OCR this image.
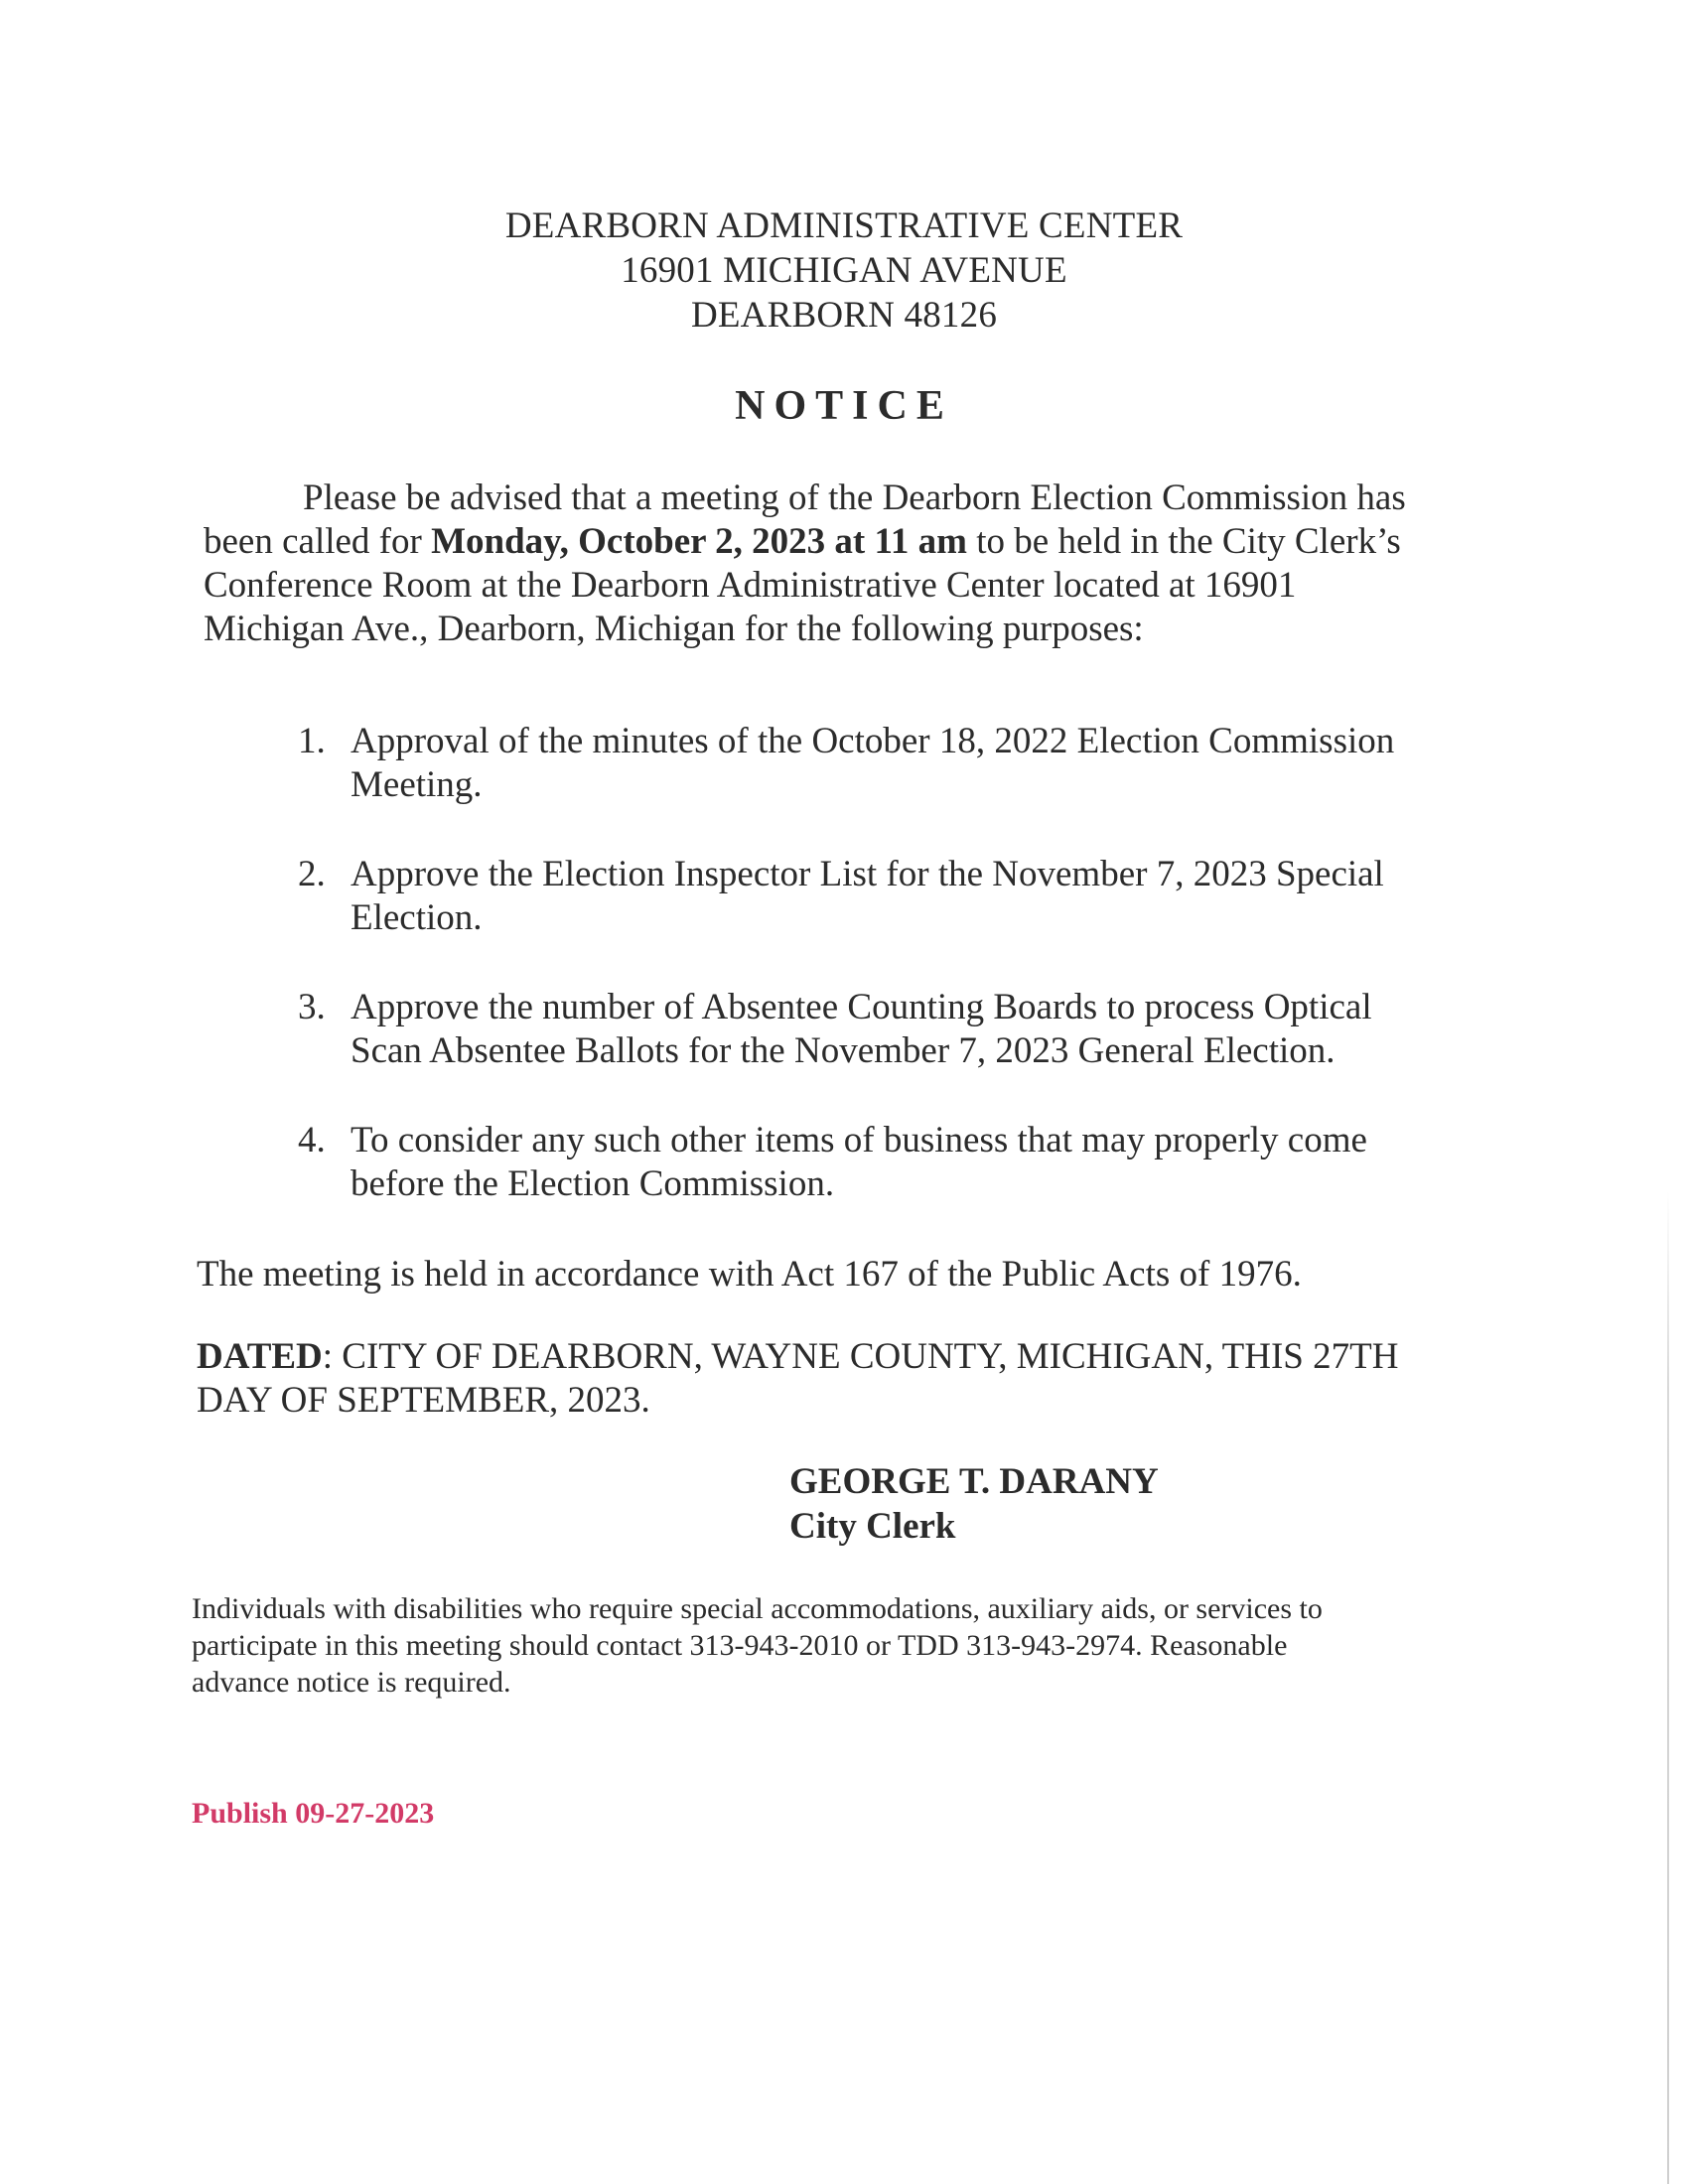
DEARBORN ADMINISTRATIVE CENTER
16901 MICHIGAN AVENUE
DEARBORN 48126
NOTICE
Please be advised that a meeting of the Dearborn Election Commission has
been called for Monday, October 2, 2023 at 11 am to be held in the City Clerk’s
Conference Room at the Dearborn Administrative Center located at 16901
Michigan Ave., Dearborn, Michigan for the following purposes:
1. Approval of the minutes of the October 18, 2022 Election Commission
Meeting.
2. Approve the Election Inspector List for the November 7, 2023 Special
Election.
3. Approve the number of Absentee Counting Boards to process Optical
Scan Absentee Ballots for the November 7, 2023 General Election.
4. To consider any such other items of business that may properly come
before the Election Commission.
The meeting is held in accordance with Act 167 of the Public Acts of 1976.
DATED: CITY OF DEARBORN, WAYNE COUNTY, MICHIGAN, THIS 27TH
DAY OF SEPTEMBER, 2023.
GEORGE T. DARANY
City Clerk
Individuals with disabilities who require special accommodations, auxiliary aids, or services to
participate in this meeting should contact 313-943-2010 or TDD 313-943-2974. Reasonable
advance notice is required.
Publish 09-27-2023
